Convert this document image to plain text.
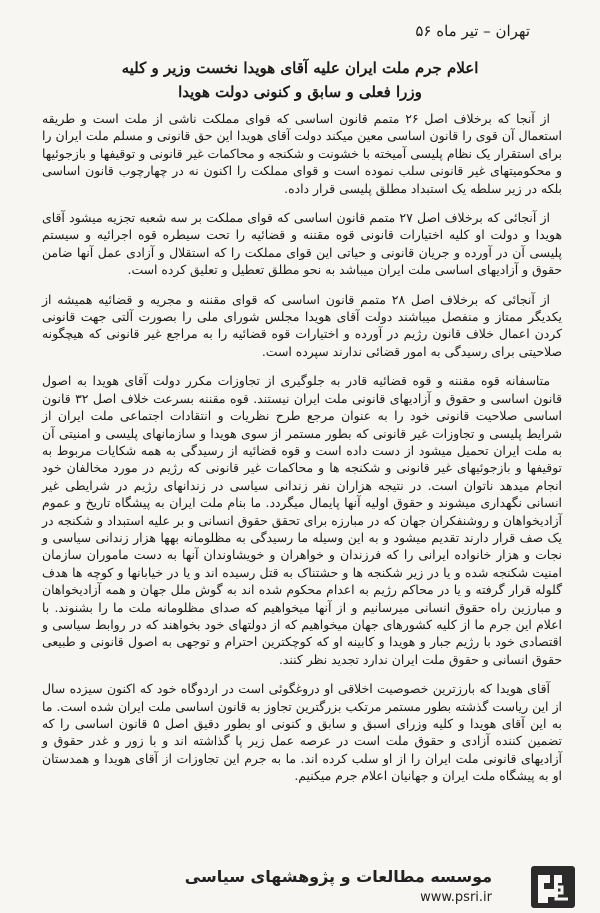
تهران – تیر ماه ۵۶
اعلام جرم ملت ایران علیه آقای هویدا نخست وزیر و کلیه
وزرا فعلی و سابق و کنونی دولت هویدا

از آنجا که برخلاف اصل ۲۶ متمم قانون اساسی که قوای مملکت ناشی از ملت است و طریقه استعمال آن قوی را قانون اساسی معین میکند دولت آقای هویدا این حق قانونی و مسلم ملت ایران را برای استقرار یک نظام پلیسی آمیخته با خشونت و شکنجه و محاکمات غیر قانونی و توقیفها و بازجوئیها و محکومیتهای غیر قانونی سلب نموده است و قوای مملکت را اکنون نه در چهارچوب قانون اساسی بلکه در زیر سلطه یک استبداد مطلق پلیسی قرار داده.

از آنجائی که برخلاف اصل ۲۷ متمم قانون اساسی که قوای مملکت بر سه شعبه تجزیه میشود آقای هویدا و دولت او کلیه اختیارات قانونی قوه مقننه و قضائیه را تحت سیطره قوه اجرائیه و سیستم پلیسی آن در آورده و جریان قانونی و حیاتی این قوای مملکت را که استقلال و آزادی عمل آنها ضامن حقوق و آزادیهای اساسی ملت ایران میباشد به نحو مطلق تعطیل و تعلیق کرده است.

از آنجائی که برخلاف اصل ۲۸ متمم قانون اساسی که قوای مقننه و مجریه و قضائیه همیشه از یکدیگر ممتاز و منفصل میباشند دولت آقای هویدا مجلس شورای ملی را بصورت آلتی جهت قانونی کردن اعمال خلاف قانون رژیم در آورده و اختیارات قوه قضائیه را به مراجع غیر قانونی که هیچگونه صلاحیتی برای رسیدگی به امور قضائی ندارند سپرده است.

متاسفانه قوه مقننه و قوه قضائیه قادر به جلوگیری از تجاوزات مکرر دولت آقای هویدا به اصول قانون اساسی و حقوق و آزادیهای قانونی ملت ایران نیستند. قوه مقننه بسرعت خلاف اصل ۳۲ قانون اساسی صلاحیت قانونی خود را به عنوان مرجع طرح نظریات و انتقادات اجتماعی ملت ایران از شرایط پلیسی و تجاوزات غیر قانونی که بطور مستمر از سوی هویدا و سازمانهای پلیسی و امنیتی آن به ملت ایران تحمیل میشود از دست داده است و قوه قضائیه از رسیدگی به همه شکایات مربوط به توقیفها و بازجوئیهای غیر قانونی و شکنجه ها و محاکمات غیر قانونی که رژیم در مورد مخالفان خود انجام میدهد ناتوان است. در نتیجه هزاران نفر زندانی سیاسی در زندانهای رژیم در شرایطی غیر انسانی نگهداری میشوند و حقوق اولیه آنها پایمال میگردد. ما بنام ملت ایران به پیشگاه تاریخ و عموم آزادیخواهان و روشنفکران جهان که در مبارزه برای تحقق حقوق انسانی و بر علیه استبداد و شکنجه در یک صف قرار دارند تقدیم میشود و به این وسیله ما رسیدگی به مظلومانه بهها هزار زندانی سیاسی و نجات و هزار خانواده ایرانی را که فرزندان و خواهران و خویشاوندان آنها به دست ماموران سازمان امنیت شکنجه شده و یا در زیر شکنجه ها و حشتناک به قتل رسیده اند و یا در خیابانها و کوچه ها هدف گلوله قرار گرفته و یا در محاکم رژیم به اعدام محکوم شده اند به گوش ملل جهان و همه آزادیخواهان و مبارزین راه حقوق انسانی میرسانیم و از آنها میخواهیم که صدای مظلومانه ملت ما را بشنوند. با اعلام این جرم ما از کلیه کشورهای جهان میخواهیم که از دولتهای خود بخواهند که در روابط سیاسی و اقتصادی خود با رژیم جبار و هویدا و کابینه او که کوچکترین احترام و توجهی به اصول قانونی و طبیعی حقوق انسانی و حقوق ملت ایران ندارد تجدید نظر کنند.

آقای هویدا که بارزترین خصوصیت اخلاقی او دروغگوئی است در اردوگاه خود که اکنون سیزده سال از این ریاست گذشته بطور مستمر مرتکب بزرگترین تجاوز به قانون اساسی ملت ایران شده است. ما به این آقای هویدا و کلیه وزرای اسبق و سابق و کنونی او بطور دقیق اصل ۵ قانون اساسی را که تضمین کننده آزادی و حقوق ملت است در عرصه عمل زیر پا گذاشته اند و با زور و غدر حقوق و آزادیهای قانونی ملت ایران را از او سلب کرده اند. ما به جرم این تجاوزات از آقای هویدا و همدستان او به پیشگاه ملت ایران و جهانیان اعلام جرم میکنیم.

موسسه مطالعات و پژوهشهای سیاسی
www.psri.ir
